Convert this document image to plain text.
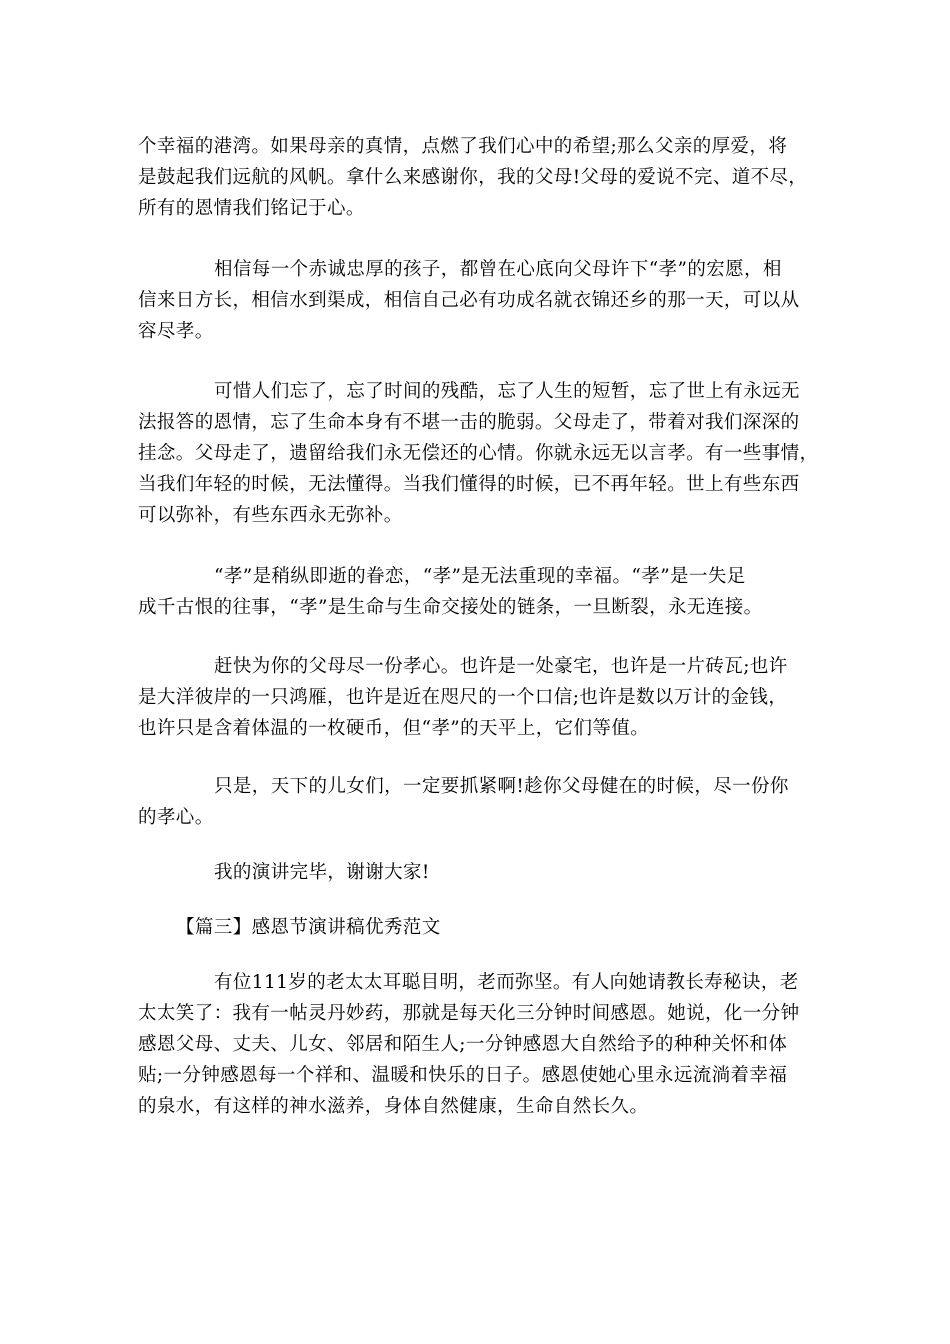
个幸福的港湾。如果母亲的真情，点燃了我们心中的希望;那么父亲的厚爱，将
是鼓起我们远航的风帆。拿什么来感谢你，我的父母!父母的爱说不完、道不尽，
所有的恩情我们铭记于心。
相信每一个赤诚忠厚的孩子，都曾在心底向父母许下“孝”的宏愿，相
信来日方长，相信水到渠成，相信自己必有功成名就衣锦还乡的那一天，可以从
容尽孝。
可惜人们忘了，忘了时间的残酷，忘了人生的短暂，忘了世上有永远无
法报答的恩情，忘了生命本身有不堪一击的脆弱。父母走了，带着对我们深深的
挂念。父母走了，遗留给我们永无偿还的心情。你就永远无以言孝。有一些事情，
当我们年轻的时候，无法懂得。当我们懂得的时候，已不再年轻。世上有些东西
可以弥补，有些东西永无弥补。
“孝”是稍纵即逝的眷恋，“孝”是无法重现的幸福。“孝”是一失足
成千古恨的往事，“孝”是生命与生命交接处的链条，一旦断裂，永无连接。
赶快为你的父母尽一份孝心。也许是一处豪宅，也许是一片砖瓦;也许
是大洋彼岸的一只鸿雁，也许是近在咫尺的一个口信;也许是数以万计的金钱，
也许只是含着体温的一枚硬币，但“孝”的天平上，它们等值。
只是，天下的儿女们，一定要抓紧啊!趁你父母健在的时候，尽一份你
的孝心。
我的演讲完毕，谢谢大家!
【篇三】感恩节演讲稿优秀范文
有位111岁的老太太耳聪目明，老而弥坚。有人向她请教长寿秘诀，老
太太笑了：我有一帖灵丹妙药，那就是每天化三分钟时间感恩。她说，化一分钟
感恩父母、丈夫、儿女、邻居和陌生人;一分钟感恩大自然给予的种种关怀和体
贴;一分钟感恩每一个祥和、温暖和快乐的日子。感恩使她心里永远流淌着幸福
的泉水，有这样的神水滋养，身体自然健康，生命自然长久。
